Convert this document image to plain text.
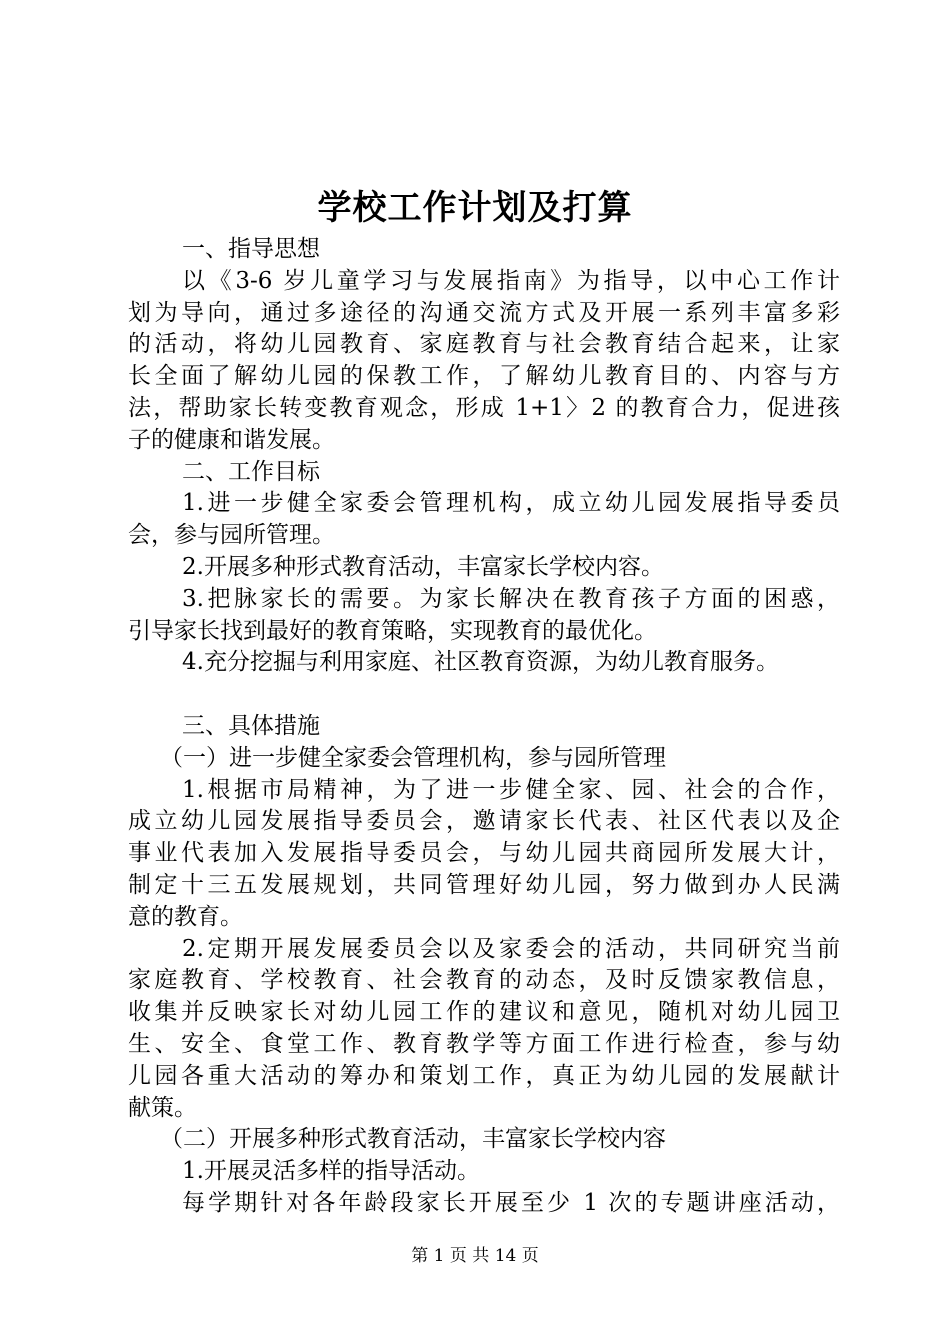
学校工作计划及打算
一、指导思想
以《3-6 岁儿童学习与发展指南》为指导，以中心工作计
划为导向，通过多途径的沟通交流方式及开展一系列丰富多彩
的活动，将幼儿园教育、家庭教育与社会教育结合起来，让家
长全面了解幼儿园的保教工作，了解幼儿教育目的、内容与方
法，帮助家长转变教育观念，形成 1+1〉2 的教育合力，促进孩
子的健康和谐发展。
二、工作目标
1.进一步健全家委会管理机构，成立幼儿园发展指导委员
会，参与园所管理。
2.开展多种形式教育活动，丰富家长学校内容。
3.把脉家长的需要。为家长解决在教育孩子方面的困惑，
引导家长找到最好的教育策略，实现教育的最优化。
4.充分挖掘与利用家庭、社区教育资源，为幼儿教育服务。
三、具体措施
（一）进一步健全家委会管理机构，参与园所管理
1.根据市局精神，为了进一步健全家、园、社会的合作，
成立幼儿园发展指导委员会，邀请家长代表、社区代表以及企
事业代表加入发展指导委员会，与幼儿园共商园所发展大计，
制定十三五发展规划，共同管理好幼儿园，努力做到办人民满
意的教育。
2.定期开展发展委员会以及家委会的活动，共同研究当前
家庭教育、学校教育、社会教育的动态，及时反馈家教信息，
收集并反映家长对幼儿园工作的建议和意见，随机对幼儿园卫
生、安全、食堂工作、教育教学等方面工作进行检查，参与幼
儿园各重大活动的筹办和策划工作，真正为幼儿园的发展献计
献策。
（二）开展多种形式教育活动，丰富家长学校内容
1.开展灵活多样的指导活动。
每学期针对各年龄段家长开展至少 1 次的专题讲座活动，
第 1 页 共 14 页
